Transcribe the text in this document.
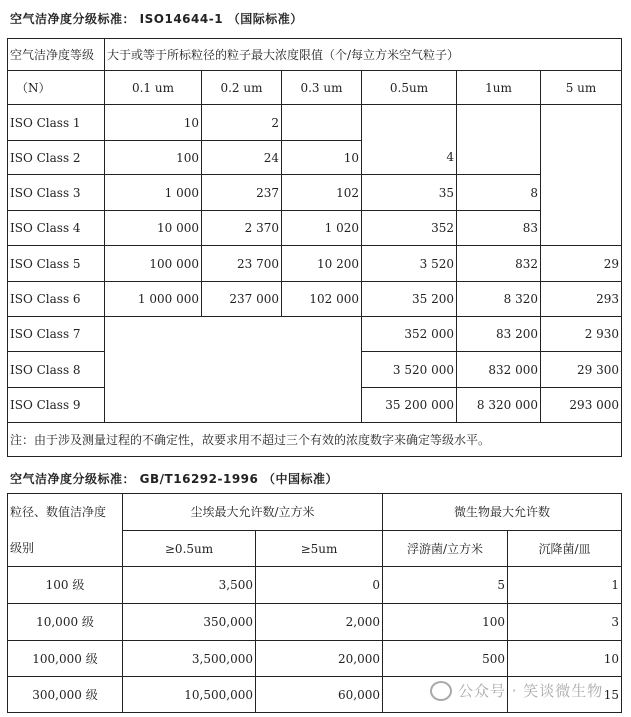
空气洁净度分级标准： ISO14644-1 （国际标准）
空气洁净度等级	大于或等于所标粒径的粒子最大浓度限值（个/每立方米空气粒子）					
（N）	0.1 um	0.2 um	0.3 um	0.5um	1um	5 um
ISO Class 1	10	2				
ISO Class 2	100	24	10	4		
ISO Class 3	1 000	237	102	35	8	
ISO Class 4	10 000	2 370	1 020	352	83	
ISO Class 5	100 000	23 700	10 200	3 520	832	29
ISO Class 6	1 000 000	237 000	102 000	35 200	8 320	293
ISO Class 7				352 000	83 200	2 930
ISO Class 8				3 520 000	832 000	29 300
ISO Class 9				35 200 000	8 320 000	293 000
注：由于涉及测量过程的不确定性，故要求用不超过三个有效的浓度数字来确定等级水平。						
空气洁净度分级标准： GB/T16292-1996 （中国标准）
粒径、数值洁净度	尘埃最大允许数/立方米		微生物最大允许数	
级别	≥0.5um	≥5um	浮游菌/立方米	沉降菌/皿
100 级	3,500	0	5	1
10,000 级	350,000	2,000	100	3
100,000 级	3,500,000	20,000	500	10
300,000 级	10,500,000	60,000		15
公众号 · 笑谈微生物
